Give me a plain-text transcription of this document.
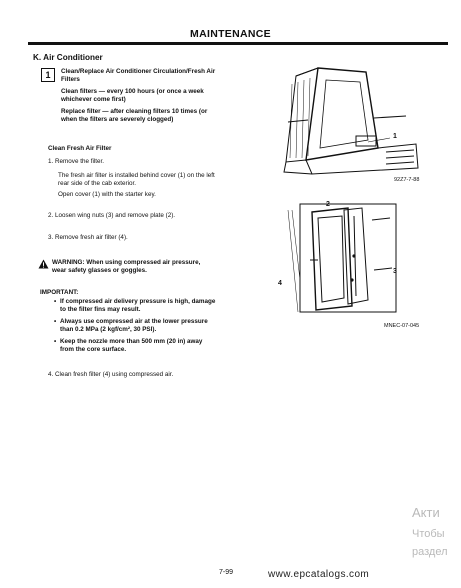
MAINTENANCE
K. Air Conditioner
1	Clean/Replace Air Conditioner Circulation/Fresh Air
Filters
Clean filters — every 100 hours (or once a week
whichever come first)
Replace filter — after cleaning filters 10 times (or
when the filters are severely clogged)
Clean Fresh Air Filter
1. Remove the filter.
The fresh air filter is installed behind cover (1) on the left
rear side of the cab exterior.
Open cover (1) with the starter key.
2. Loosen wing nuts (3) and remove plate (2).
3. Remove fresh air filter (4).
WARNING: When using compressed air pressure,
wear safety glasses or goggles.
IMPORTANT:
• If compressed air delivery pressure is high, damage
to the filter fins may result.
• Always use compressed air at the lower pressure
than 0.2 MPa (2 kgf/cm², 30 PSI).
• Keep the nozzle more than 500 mm (20 in) away
from the core surface.
4. Clean fresh filter (4) using compressed air.
1
92Z7-7-88
2
3
4
MNEC-07-045
7-99	www.epcatalogs.com
Акти
Чтобы
раздел
